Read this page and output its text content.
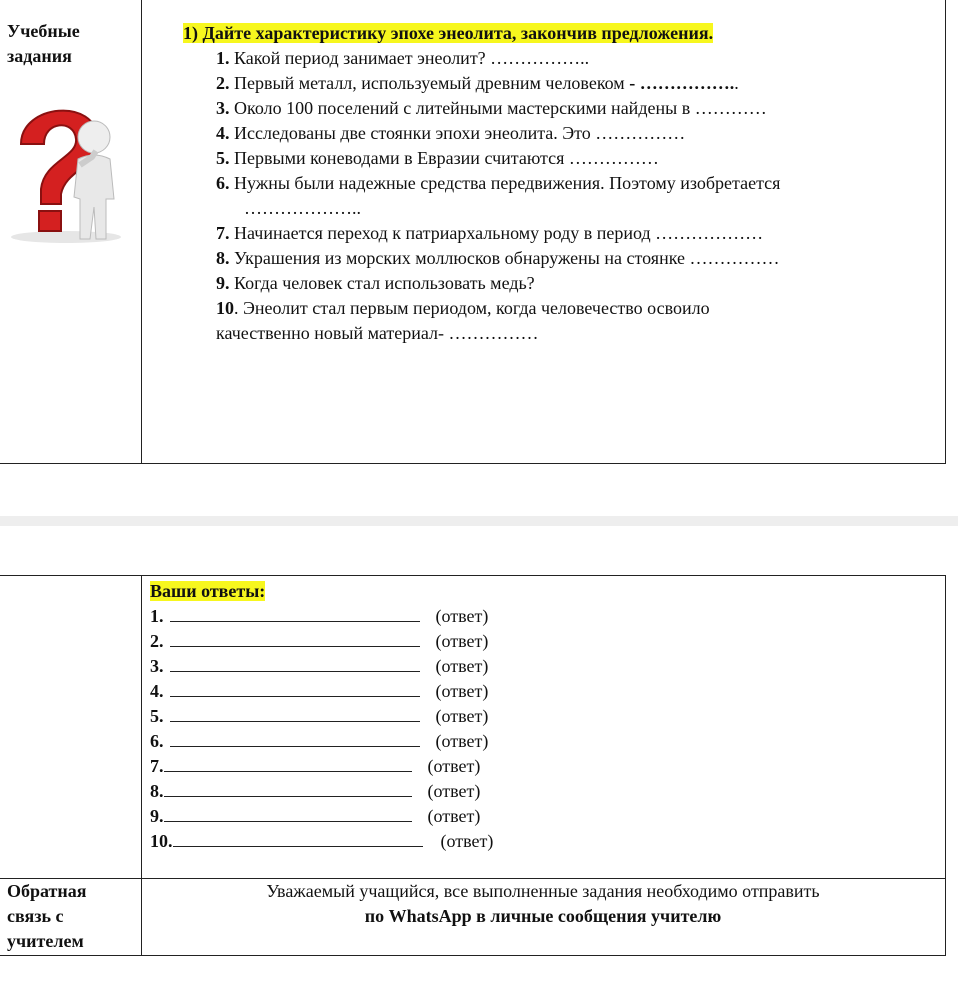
Учебные задания
1) Дайте характеристику эпохе энеолита, закончив предложения.
1. Какой период занимает энеолит? ……………..
2. Первый металл, используемый древним человеком - ……………..
3. Около 100 поселений с литейными мастерскими найдены в …………
4. Исследованы две стоянки эпохи энеолита. Это ……………
5. Первыми коневодами в Евразии считаются ……………
6. Нужны были надежные средства передвижения. Поэтому изобретается
………………..
7. Начинается переход к патриархальному роду в период ………………
8. Украшения из морских моллюсков обнаружены на стоянке ……………
9. Когда человек стал использовать медь?
10. Энеолит стал первым периодом, когда человечество освоило
качественно новый материал- ……………
Ваши ответы:
1.	(ответ)
2.	(ответ)
3.	(ответ)
4.	(ответ)
5.	(ответ)
6.	(ответ)
7.	(ответ)
8.	(ответ)
9.	(ответ)
10.	(ответ)
Обратная связь с учителем
Уважаемый учащийся, все выполненные задания необходимо отправить
по WhatsApp в личные сообщения учителю
